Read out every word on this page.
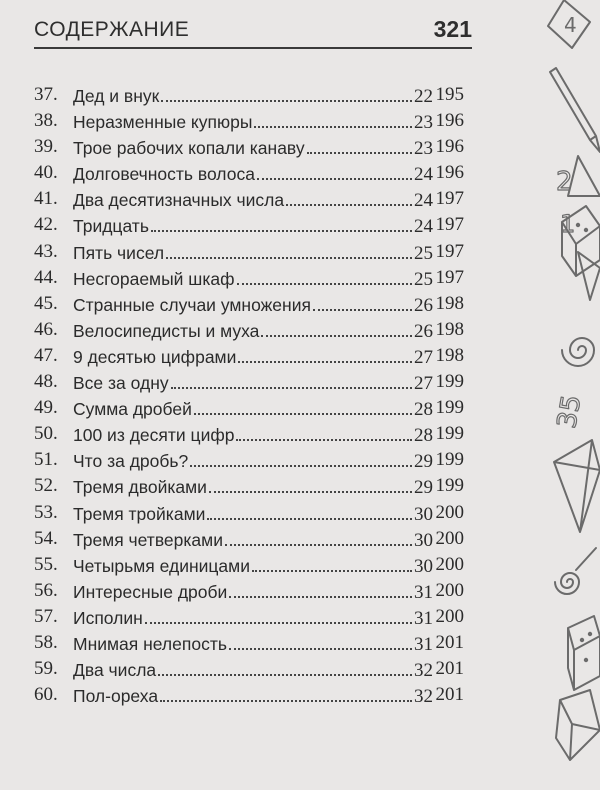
СОДЕРЖАНИЕ	321
37. Дед и внук	22 195
38. Неразменные купюры	23 196
39. Трое рабочих копали канаву	23 196
40. Долговечность волоса	24 196
41. Два десятизначных числа	24 197
42. Тридцать	24 197
43. Пять чисел	25 197
44. Несгораемый шкаф	25 197
45. Странные случаи умножения	26 198
46. Велосипедисты и муха	26 198
47. 9 десятью цифрами	27 198
48. Все за одну	27 199
49. Сумма дробей	28 199
50. 100 из десяти цифр	28 199
51. Что за дробь?	29 199
52. Тремя двойками	29 199
53. Тремя тройками	30 200
54. Тремя четверками	30 200
55. Четырьмя единицами	30 200
56. Интересные дроби	31 200
57. Исполин	31 200
58. Мнимая нелепость	31 201
59. Два числа	32 201
60. Пол-ореха	32 201
4
2
1
35
